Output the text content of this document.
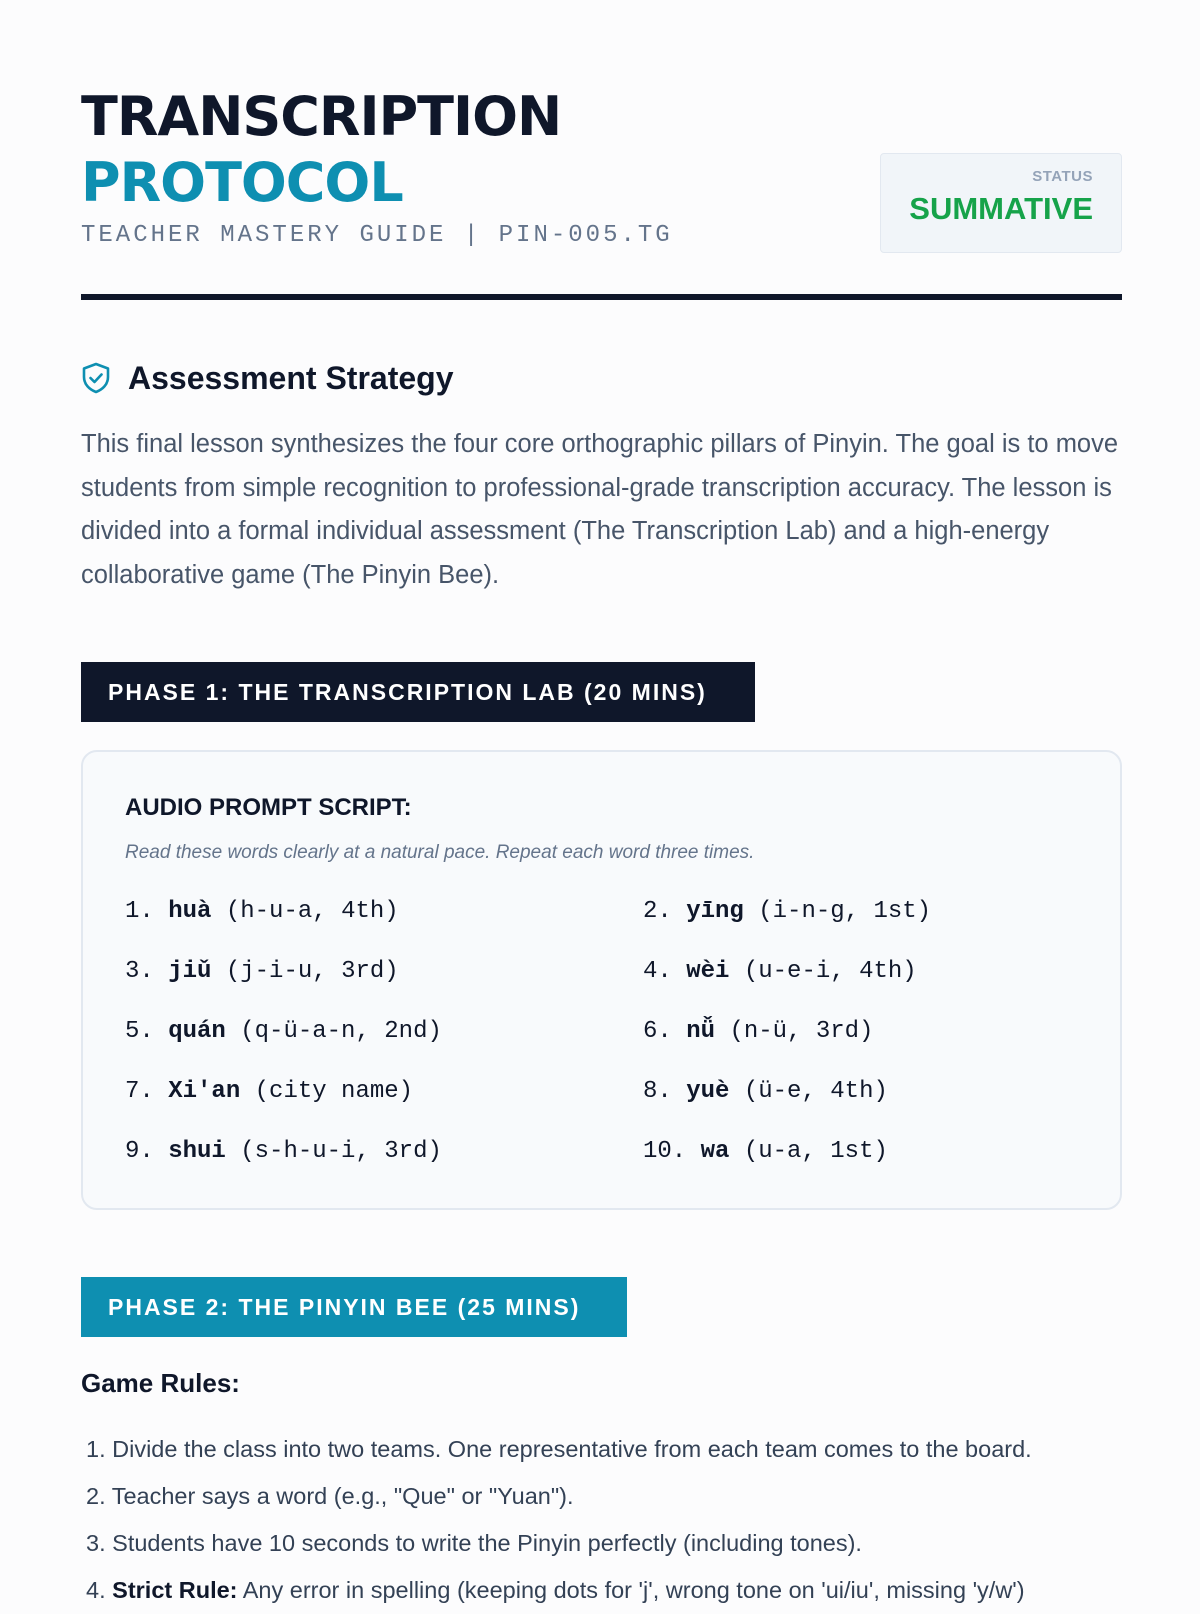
TRANSCRIPTION
PROTOCOL
TEACHER MASTERY GUIDE | PIN-005.TG
STATUS
SUMMATIVE
Assessment Strategy

This final lesson synthesizes the four core orthographic pillars of Pinyin. The goal is to move students from simple recognition to professional-grade transcription accuracy. The lesson is divided into a formal individual assessment (The Transcription Lab) and a high-energy collaborative game (The Pinyin Bee).

PHASE 1: THE TRANSCRIPTION LAB (20 MINS)
AUDIO PROMPT SCRIPT:
Read these words clearly at a natural pace. Repeat each word three times.
1. huà (h-u-a, 4th)	2. yīng (i-n-g, 1st)
3. jiǔ (j-i-u, 3rd)	4. wèi (u-e-i, 4th)
5. quán (q-ü-a-n, 2nd)	6. nǚ (n-ü, 3rd)
7. Xi'an (city name)	8. yuè (ü-e, 4th)
9. shui (s-h-u-i, 3rd)	10. wa (u-a, 1st)
PHASE 2: THE PINYIN BEE (25 MINS)
Game Rules:
1. Divide the class into two teams. One representative from each team comes to the board.
2. Teacher says a word (e.g., "Que" or "Yuan").
3. Students have 10 seconds to write the Pinyin perfectly (including tones).
4. Strict Rule: Any error in spelling (keeping dots for 'j', wrong tone on 'ui/iu', missing 'y/w')
